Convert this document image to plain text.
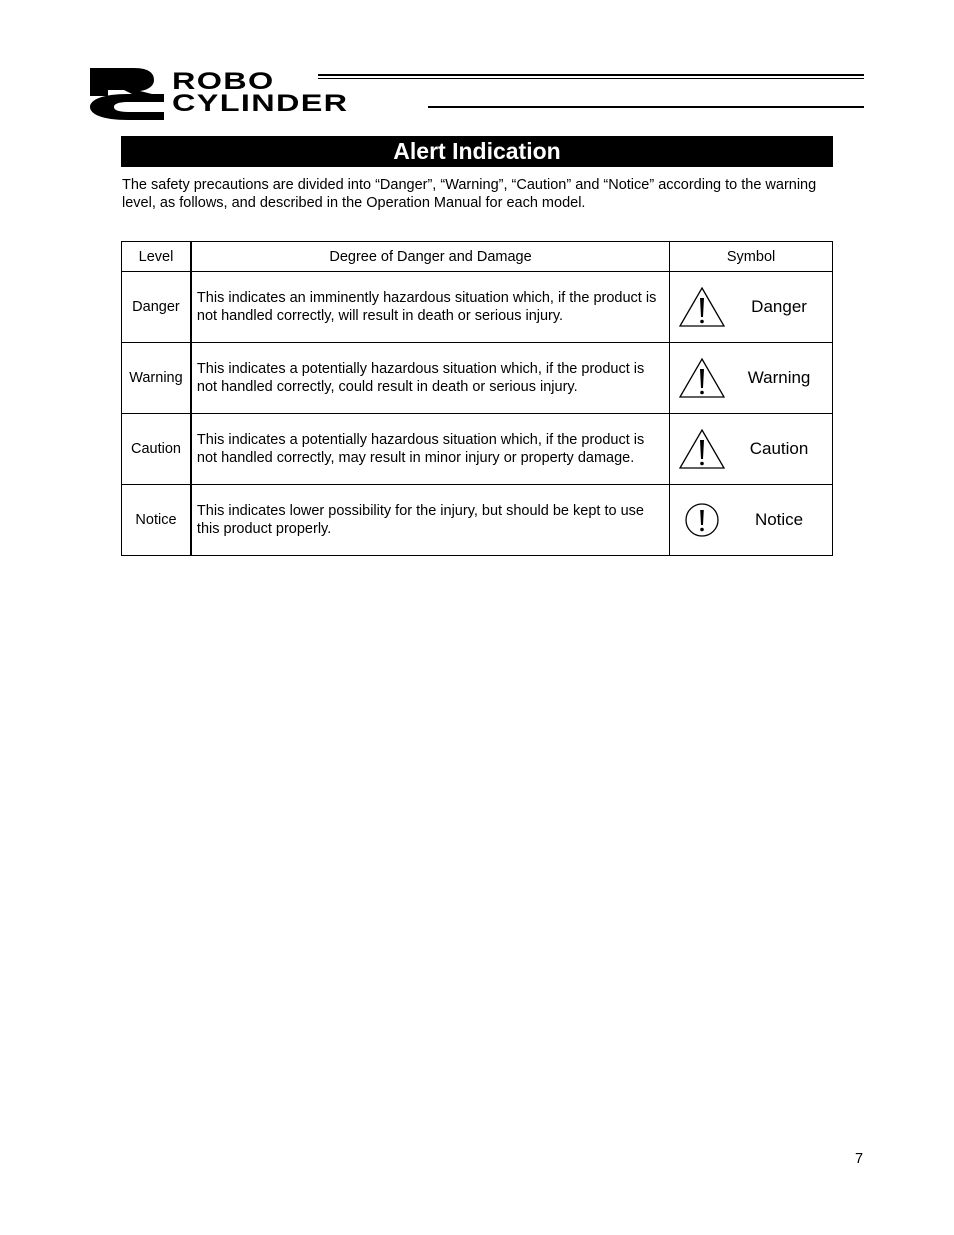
ROBO
CYLINDER
Alert Indication
The safety precautions are divided into “Danger”, “Warning”, “Caution” and “Notice” according to the warning level, as follows, and described in the Operation Manual for each model.
Level	Degree of Danger and Damage	Symbol
Danger	This indicates an imminently hazardous situation which, if the product is not handled correctly, will result in death or serious injury.	Danger

Warning	This indicates a potentially hazardous situation which, if the product is not handled correctly, could result in death or serious injury.	Warning

Caution	This indicates a potentially hazardous situation which, if the product is not handled correctly, may result in minor injury or property damage.	Caution

Notice	This indicates lower possibility for the injury, but should be kept to use this product properly.	Notice
7
